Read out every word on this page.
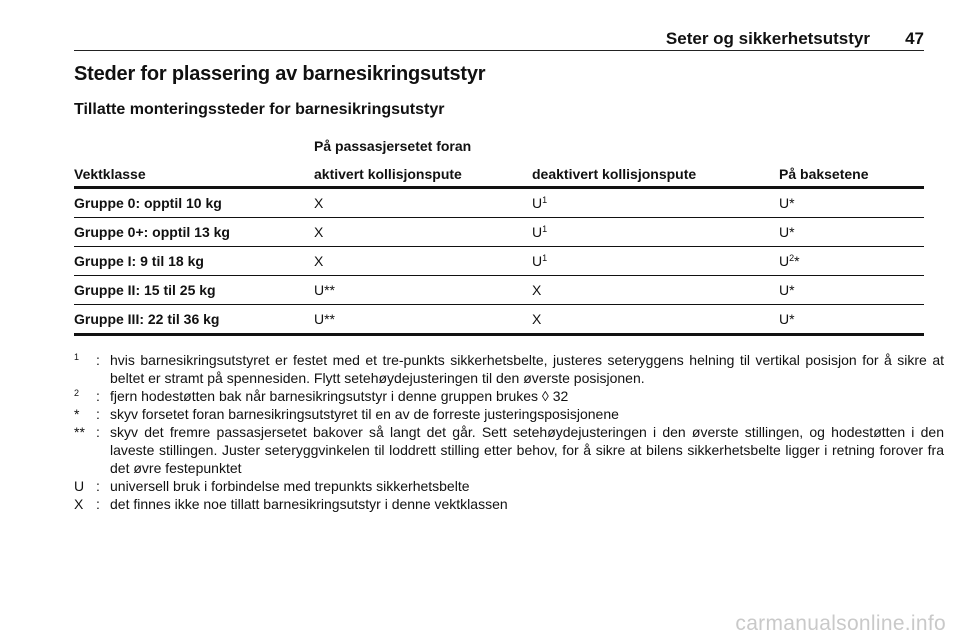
Seter og sikkerhetsutstyr 47
Steder for plassering av barnesikringsutstyr
Tillatte monteringssteder for barnesikringsutstyr
På passasjersetet foran
Vektklasse	aktivert kollisjonspute	deaktivert kollisjonspute	På baksetene
Gruppe 0: opptil 10 kg	X	$U^1$	U*
Gruppe 0+: opptil 13 kg	X	$U^1$	U*
Gruppe I: 9 til 18 kg	X	$U^1$	$U^2*$
Gruppe II: 15 til 25 kg	U**	X	U*
Gruppe III: 22 til 36 kg	U**	X	U*
1	: hvis barnesikringsutstyret er festet med et tre-punkts sikkerhetsbelte, justeres seteryggens helning til vertikal posisjon for å sikre at beltet er stramt på spennesiden. Flytt setehøydejusteringen til den øverste posisjonen.
2	: fjern hodestøtten bak når barnesikringsutstyr i denne gruppen brukes ◊ 32
*	: skyv forsetet foran barnesikringsutstyret til en av de forreste justeringsposisjonene
** : skyv det fremre passasjersetet bakover så langt det går. Sett setehøydejusteringen i den øverste stillingen, og hodestøtten i den laveste stillingen. Juster seteryggvinkelen til loddrett stilling etter behov, for å sikre at bilens sikkerhetsbelte ligger i retning forover fra det øvre festepunktet
U : universell bruk i forbindelse med trepunkts sikkerhetsbelte
X : det finnes ikke noe tillatt barnesikringsutstyr i denne vektklassen
carmanualsonline.info
